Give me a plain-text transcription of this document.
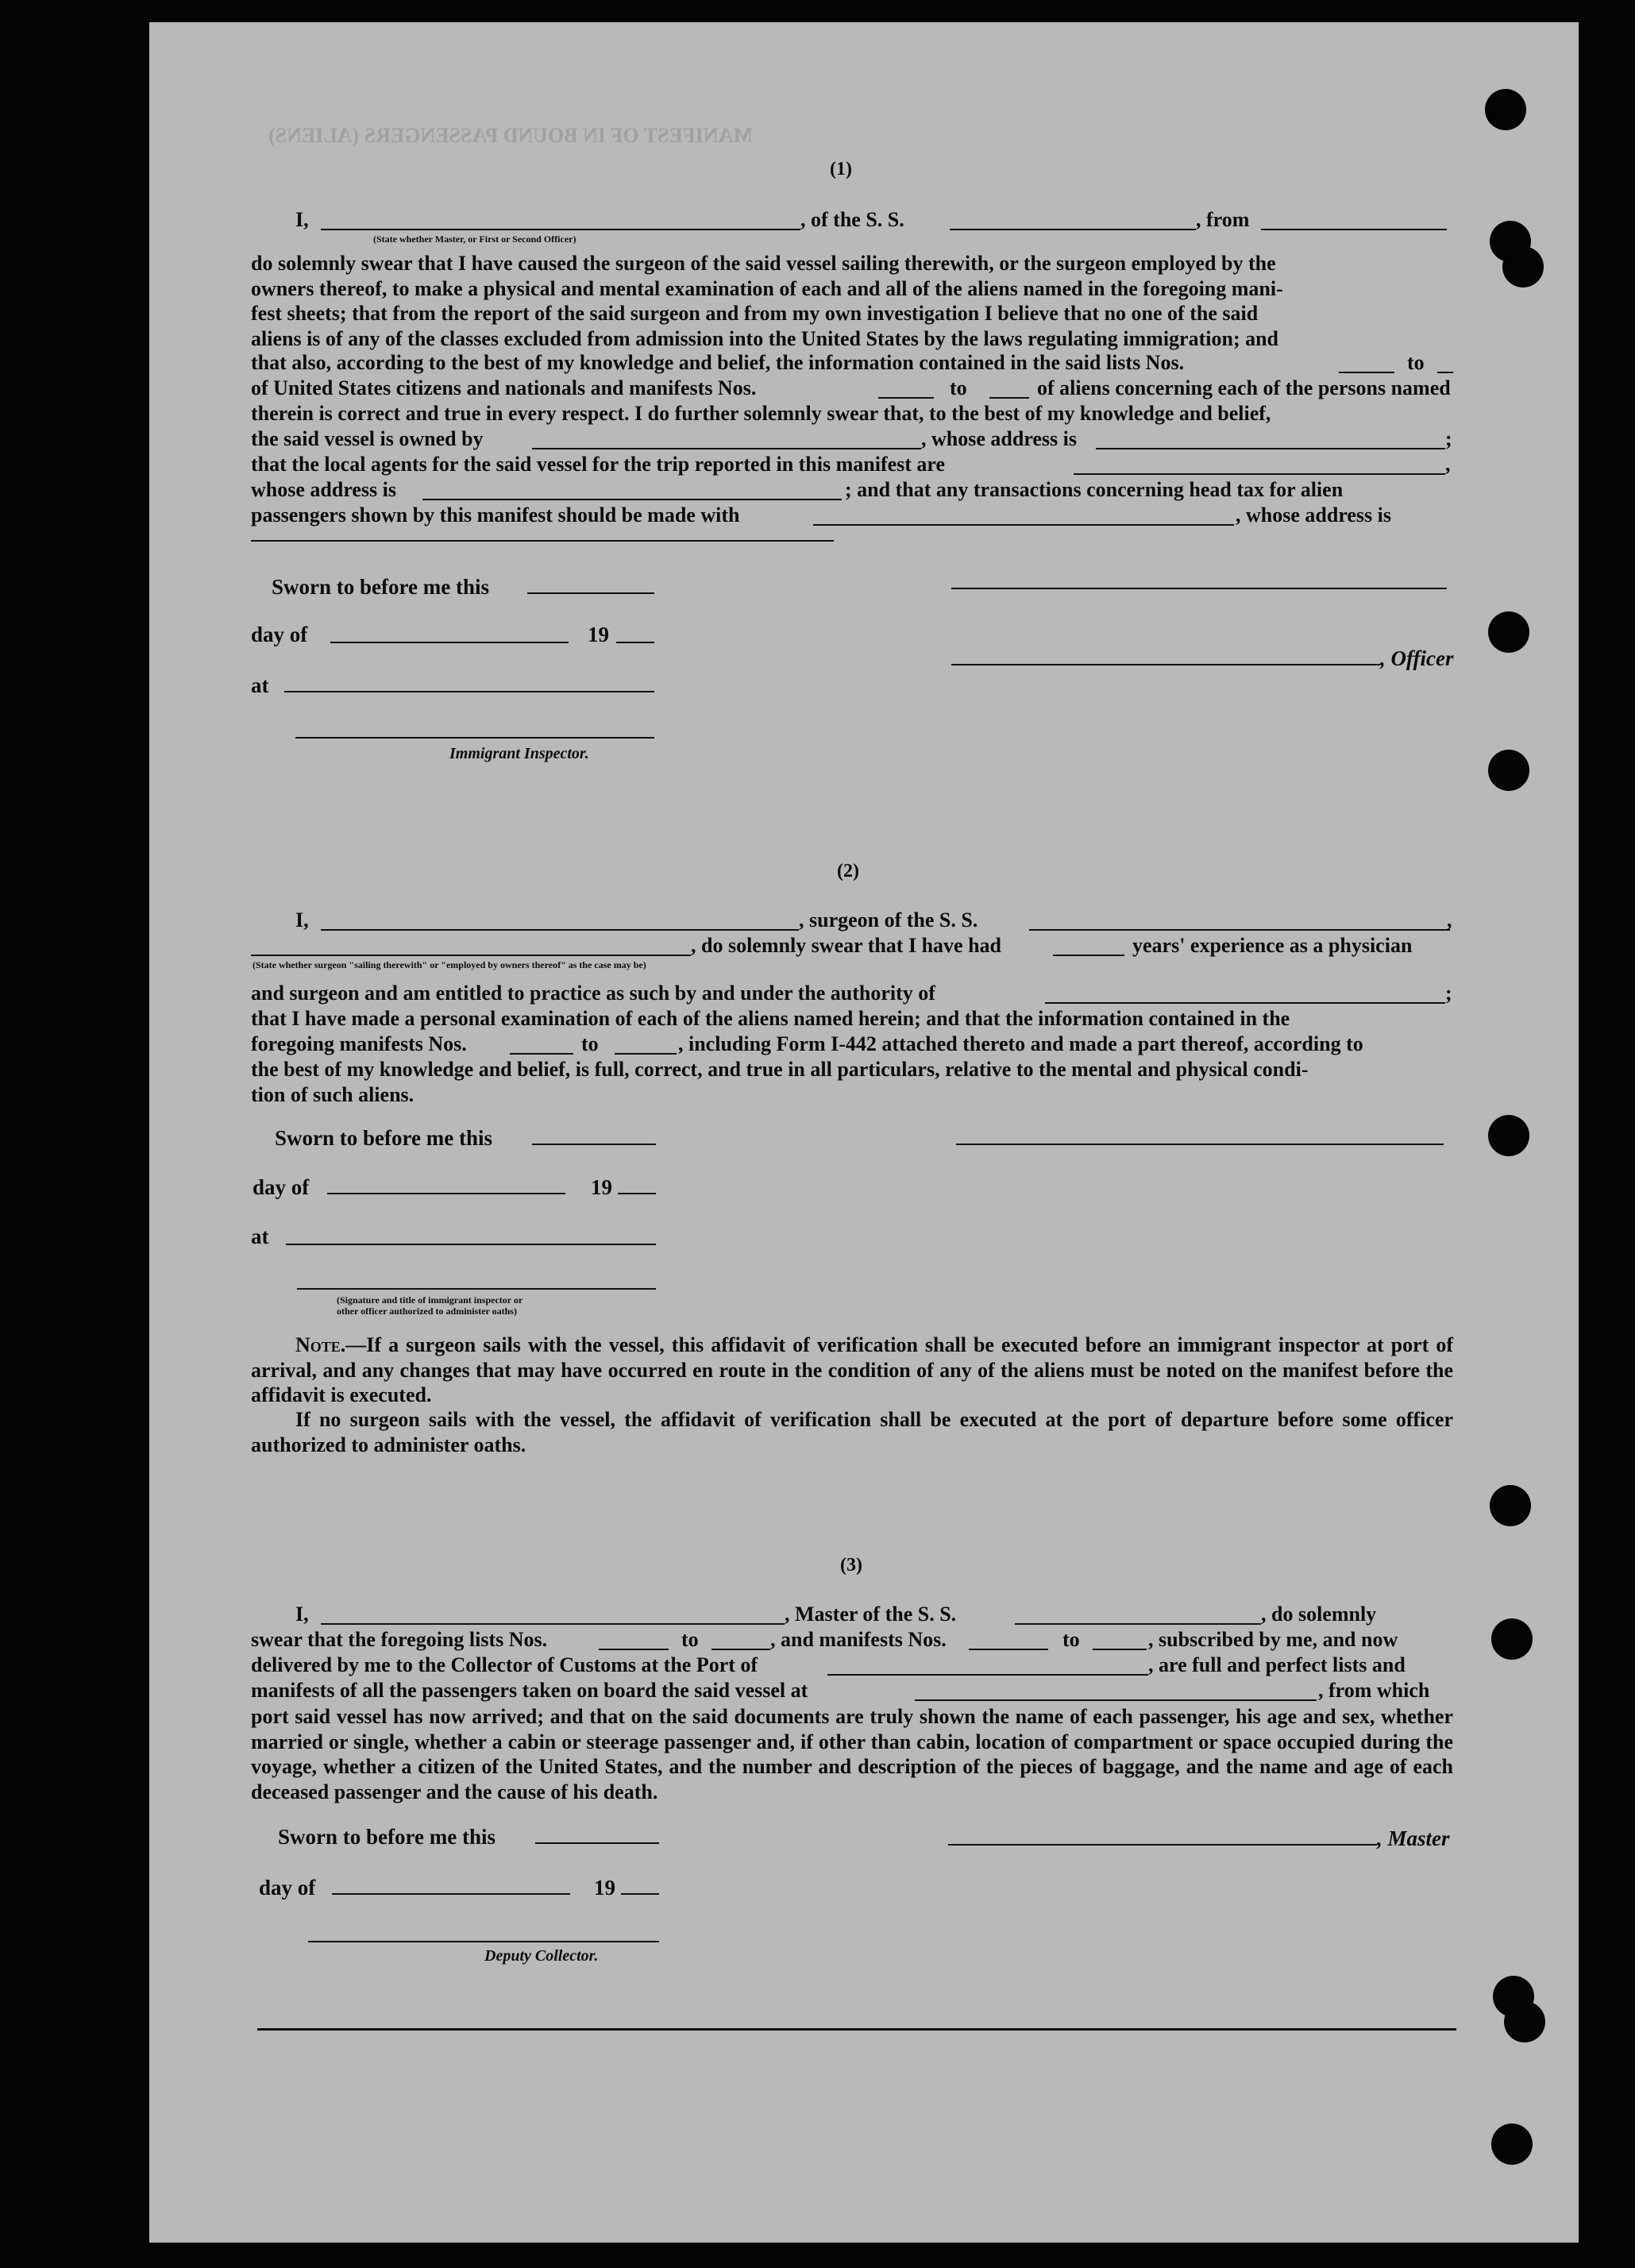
MANIFEST OF IN BOUND PASSENGERS (ALIENS)
(1)
I,	, of the S. S.	, from
(State whether Master, or First or Second Officer)
do solemnly swear that I have caused the surgeon of the said vessel sailing therewith, or the surgeon employed by the
owners thereof, to make a physical and mental examination of each and all of the aliens named in the foregoing mani-
fest sheets; that from the report of the said surgeon and from my own investigation I believe that no one of the said
aliens is of any of the classes excluded from admission into the United States by the laws regulating immigration; and
that also, according to the best of my knowledge and belief, the information contained in the said lists Nos.	to
of United States citizens and nationals and manifests Nos.	to	of aliens concerning each of the persons named
therein is correct and true in every respect. I do further solemnly swear that, to the best of my knowledge and belief,
the said vessel is owned by	, whose address is	;
that the local agents for the said vessel for the trip reported in this manifest are	,
whose address is	; and that any transactions concerning head tax for alien
passengers shown by this manifest should be made with	, whose address is
Sworn to before me this
day of	19
, Officer
at
Immigrant Inspector.
(2)
I,	, surgeon of the S. S.	,
, do solemnly swear that I have had	years' experience as a physician
(State whether surgeon "sailing therewith" or "employed by owners thereof" as the case may be)
and surgeon and am entitled to practice as such by and under the authority of	;
that I have made a personal examination of each of the aliens named herein; and that the information contained in the
foregoing manifests Nos.	to	, including Form I-442 attached thereto and made a part thereof, according to
the best of my knowledge and belief, is full, correct, and true in all particulars, relative to the mental and physical condi-
tion of such aliens.
Sworn to before me this
day of	19
at
(Signature and title of immigrant inspector or
other officer authorized to administer oaths)
Note.—If a surgeon sails with the vessel, this affidavit of verification shall be executed before an immigrant inspector at port of arrival, and any changes that may have occurred en route in the condition of any of the aliens must be noted on the manifest before the affidavit is executed.
If no surgeon sails with the vessel, the affidavit of verification shall be executed at the port of departure before some officer authorized to administer oaths.
(3)
I,	, Master of the S. S.	, do solemnly
swear that the foregoing lists Nos.	to	, and manifests Nos.	to	, subscribed by me, and now
delivered by me to the Collector of Customs at the Port of	, are full and perfect lists and
manifests of all the passengers taken on board the said vessel at	, from which
port said vessel has now arrived; and that on the said documents are truly shown the name of each passenger, his age and sex, whether married or single, whether a cabin or steerage passenger and, if other than cabin, location of compartment or space occupied during the voyage, whether a citizen of the United States, and the number and description of the pieces of baggage, and the name and age of each deceased passenger and the cause of his death.
Sworn to before me this	, Master
day of	19
Deputy Collector.
